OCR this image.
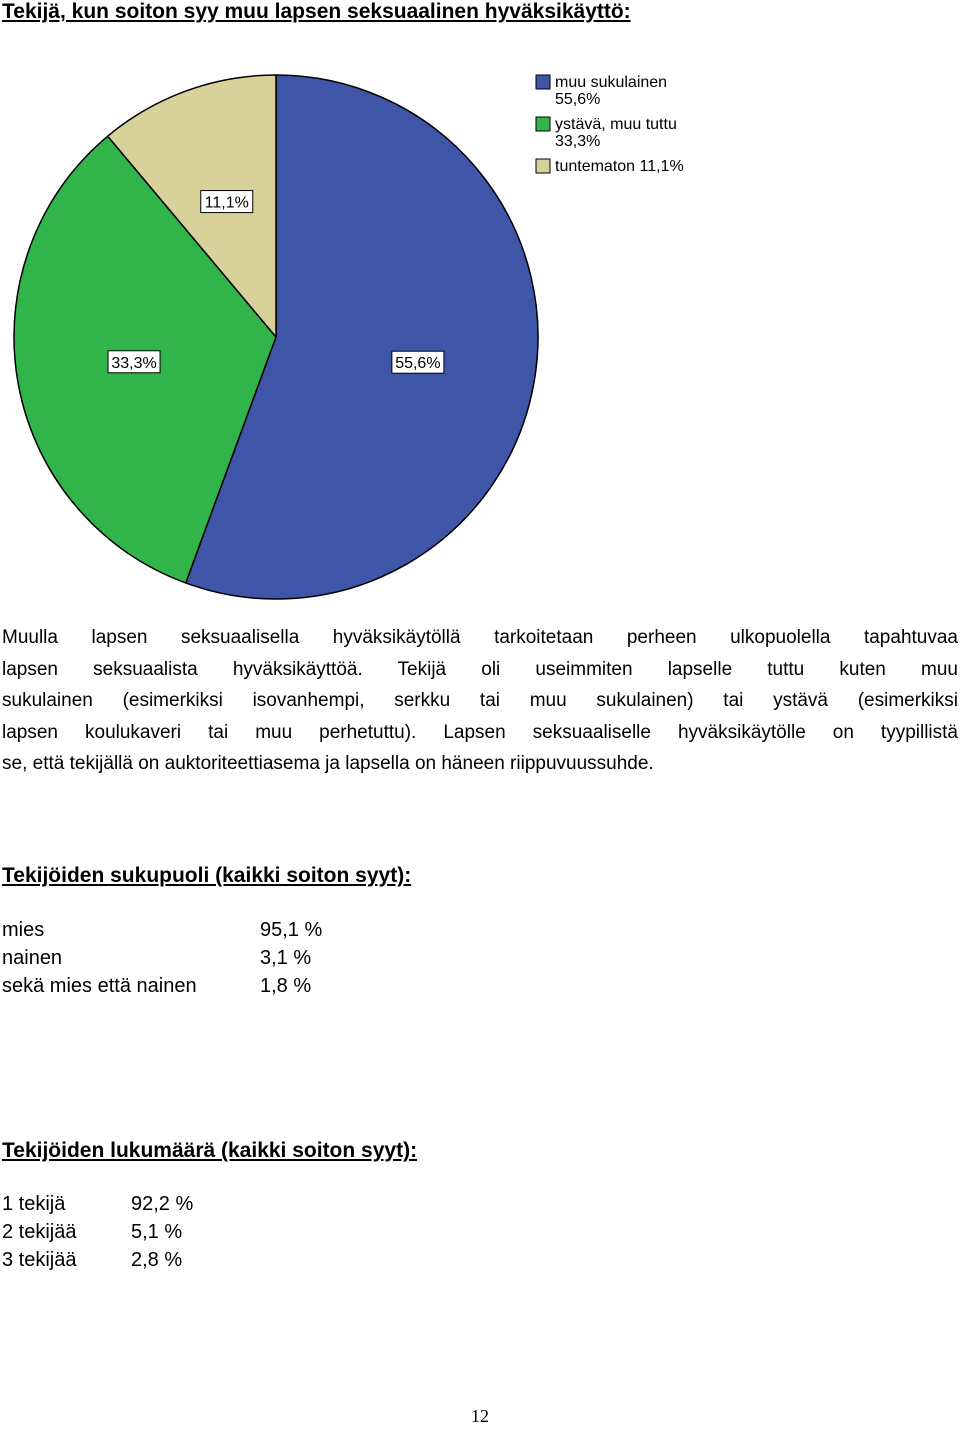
Tekijä, kun soiton syy muu lapsen seksuaalinen hyväksikäyttö:
55,6%
33,3%
11,1%
muu sukulainen
55,6%
ystävä, muu tuttu
33,3%
tuntematon 11,1%
Muulla lapsen seksuaalisella hyväksikäytöllä tarkoitetaan perheen ulkopuolella tapahtuvaa
lapsen seksuaalista hyväksikäyttöä. Tekijä oli useimmiten lapselle tuttu kuten muu
sukulainen (esimerkiksi isovanhempi, serkku tai muu sukulainen) tai ystävä (esimerkiksi
lapsen koulukaveri tai muu perhetuttu). Lapsen seksuaaliselle hyväksikäytölle on tyypillistä
se, että tekijällä on auktoriteettiasema ja lapsella on häneen riippuvuussuhde.
Tekijöiden sukupuoli (kaikki soiton syyt):
mies	95,1 %
nainen	3,1 %
sekä mies että nainen	1,8 %
Tekijöiden lukumäärä (kaikki soiton syyt):
1 tekijä	92,2 %
2 tekijää	5,1 %
3 tekijää	2,8 %
12
